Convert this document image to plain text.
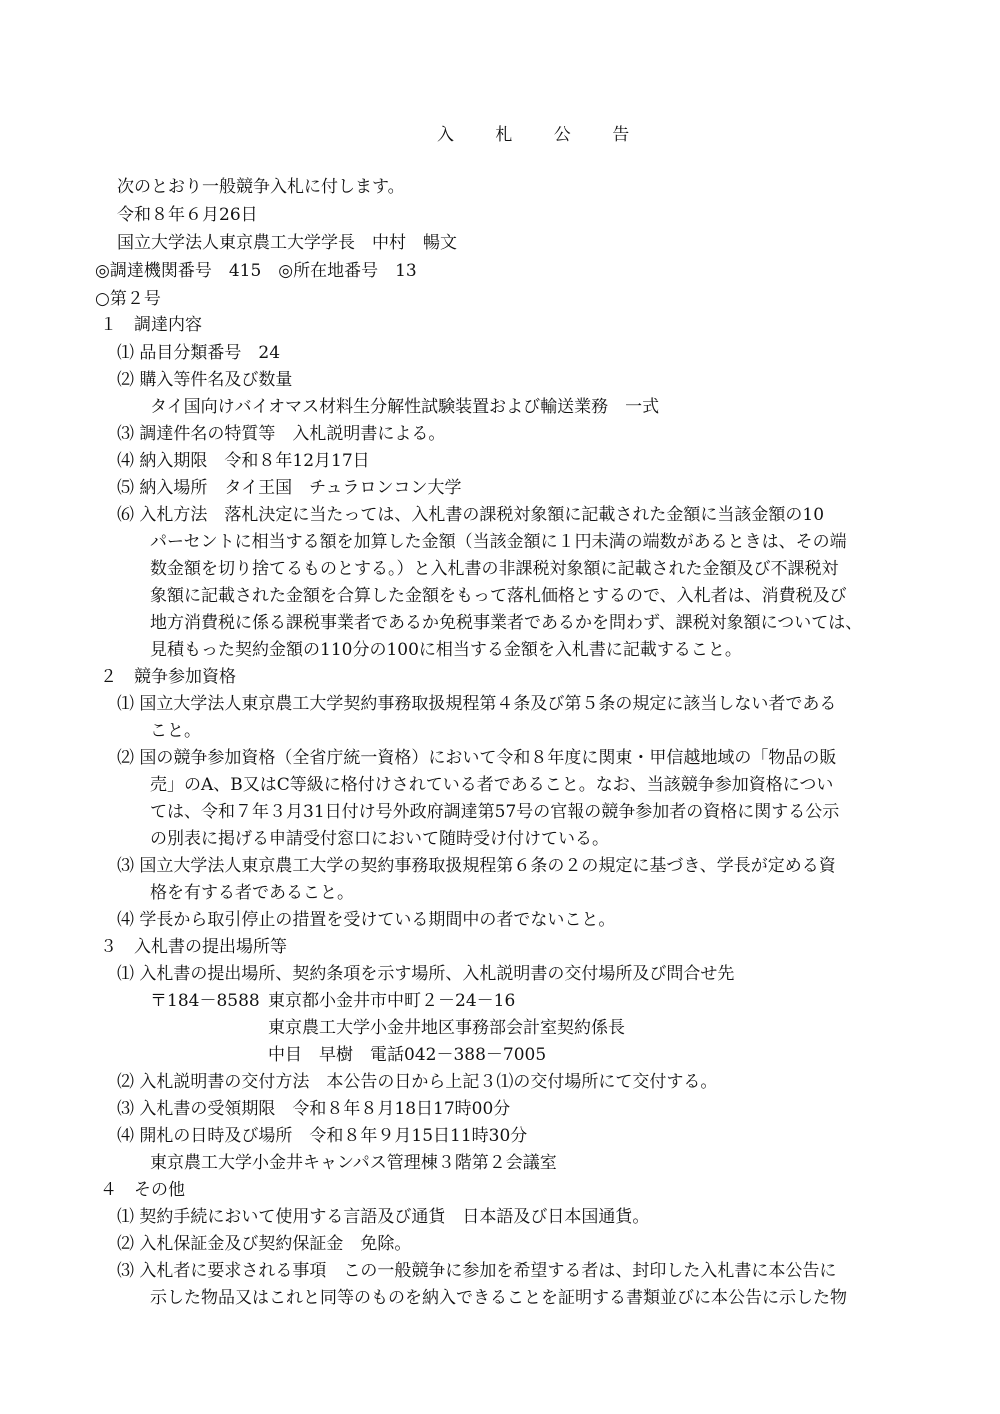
入 札 公 告
次のとおり一般競争入札に付します。
令和８年６月26日
国立大学法人東京農工大学学長　中村　暢文
◎調達機関番号　415　◎所在地番号　13
○第２号
１　調達内容
⑴ 品目分類番号　24
⑵ 購入等件名及び数量
タイ国向けバイオマス材料生分解性試験装置および輸送業務　一式
⑶ 調達件名の特質等　入札説明書による。
⑷ 納入期限　令和８年12月17日
⑸ 納入場所　タイ王国　チュラロンコン大学
⑹ 入札方法　落札決定に当たっては、入札書の課税対象額に記載された金額に当該金額の10
パーセントに相当する額を加算した金額（当該金額に１円未満の端数があるときは、その端
数金額を切り捨てるものとする。）と入札書の非課税対象額に記載された金額及び不課税対
象額に記載された金額を合算した金額をもって落札価格とするので、入札者は、消費税及び
地方消費税に係る課税事業者であるか免税事業者であるかを問わず、課税対象額については、
見積もった契約金額の110分の100に相当する金額を入札書に記載すること。
２　競争参加資格
⑴ 国立大学法人東京農工大学契約事務取扱規程第４条及び第５条の規定に該当しない者である
こと。
⑵ 国の競争参加資格（全省庁統一資格）において令和８年度に関東・甲信越地域の「物品の販
売」のA、B又はC等級に格付けされている者であること。なお、当該競争参加資格につい
ては、令和７年３月31日付け号外政府調達第57号の官報の競争参加者の資格に関する公示
の別表に掲げる申請受付窓口において随時受け付けている。
⑶ 国立大学法人東京農工大学の契約事務取扱規程第６条の２の規定に基づき、学長が定める資
格を有する者であること。
⑷ 学長から取引停止の措置を受けている期間中の者でないこと。
３　入札書の提出場所等
⑴ 入札書の提出場所、契約条項を示す場所、入札説明書の交付場所及び問合せ先
〒184－8588 東京都小金井市中町２－24－16
東京農工大学小金井地区事務部会計室契約係長
中目　早樹　電話042－388－7005
⑵ 入札説明書の交付方法　本公告の日から上記３⑴の交付場所にて交付する。
⑶ 入札書の受領期限　令和８年８月18日17時00分
⑷ 開札の日時及び場所　令和８年９月15日11時30分
東京農工大学小金井キャンパス管理棟３階第２会議室
４　その他
⑴ 契約手続において使用する言語及び通貨　日本語及び日本国通貨。
⑵ 入札保証金及び契約保証金　免除。
⑶ 入札者に要求される事項　この一般競争に参加を希望する者は、封印した入札書に本公告に
示した物品又はこれと同等のものを納入できることを証明する書類並びに本公告に示した物
